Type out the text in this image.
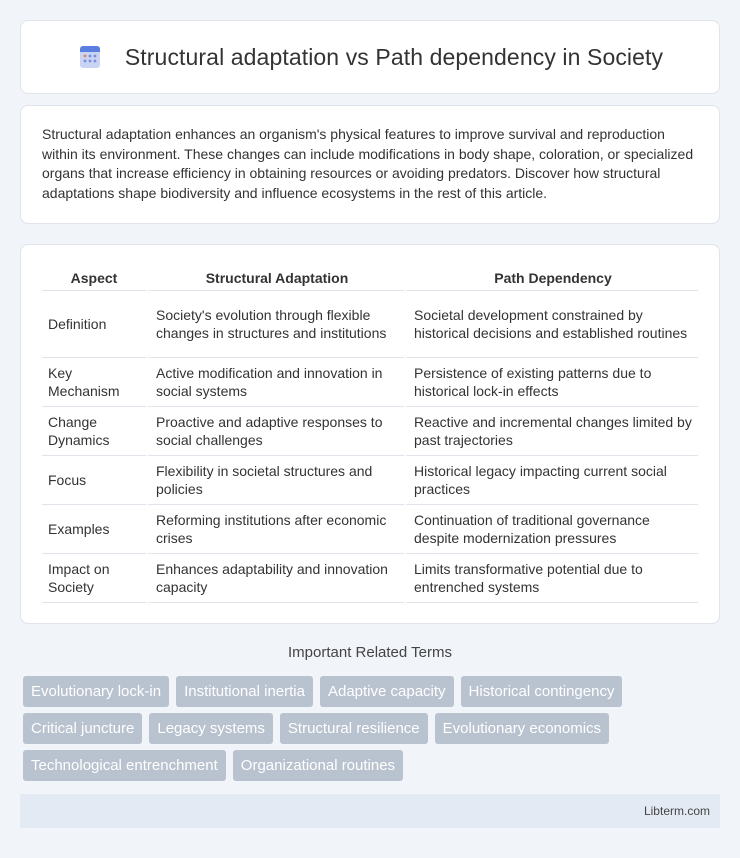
Structural adaptation vs Path dependency in Society

Structural adaptation enhances an organism's physical features to improve survival and reproduction within its environment. These changes can include modifications in body shape, coloration, or specialized organs that increase efficiency in obtaining resources or avoiding predators. Discover how structural adaptations shape biodiversity and influence ecosystems in the rest of this article.

Aspect	Structural Adaptation	Path Dependency
Definition	Society's evolution through flexible changes in structures and institutions	Societal development constrained by historical decisions and established routines
Key Mechanism	Active modification and innovation in social systems	Persistence of existing patterns due to historical lock-in effects
Change Dynamics	Proactive and adaptive responses to social challenges	Reactive and incremental changes limited by past trajectories
Focus	Flexibility in societal structures and policies	Historical legacy impacting current social practices
Examples	Reforming institutions after economic crises	Continuation of traditional governance despite modernization pressures
Impact on Society	Enhances adaptability and innovation capacity	Limits transformative potential due to entrenched systems
Important Related Terms
Evolutionary lock-in	Institutional inertia	Adaptive capacity	Historical contingency
Critical juncture	Legacy systems	Structural resilience	Evolutionary economics
Technological entrenchment	Organizational routines
Libterm.com
